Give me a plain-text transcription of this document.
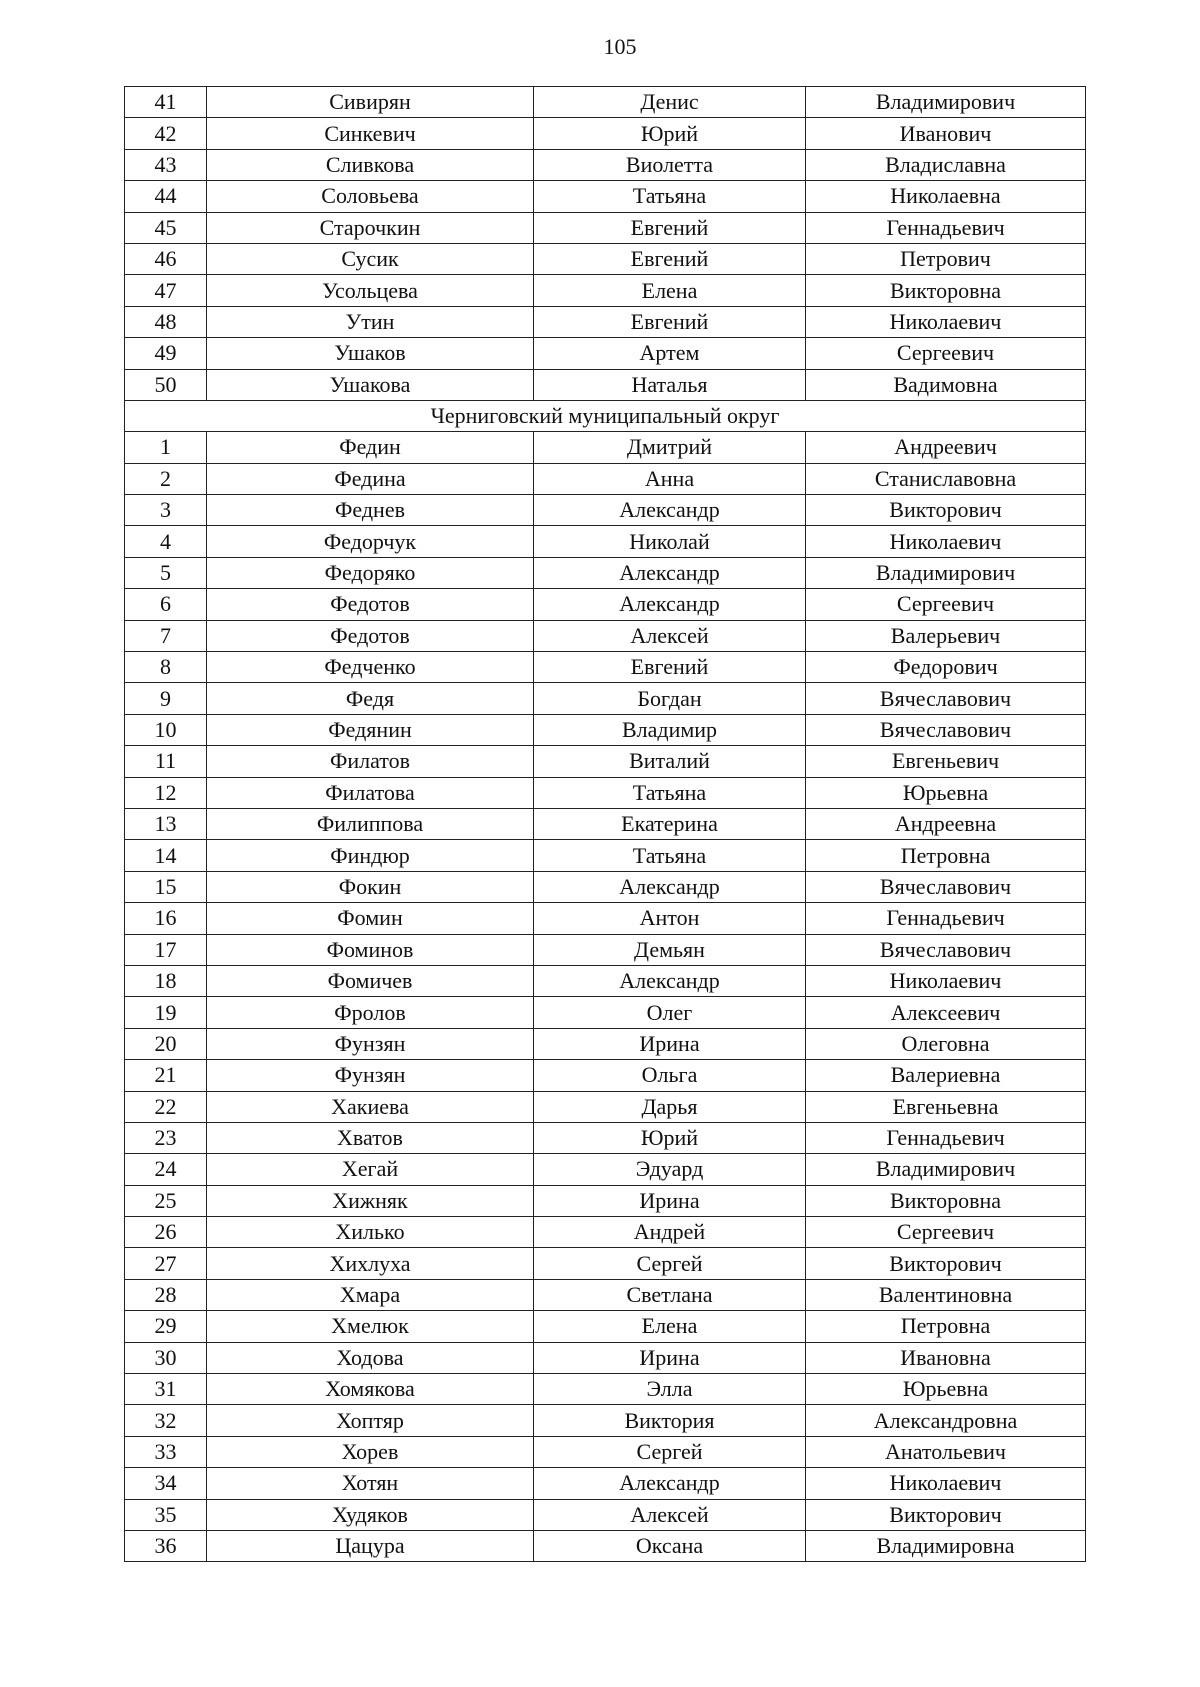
105
41	Сивирян	Денис	Владимирович
42	Синкевич	Юрий	Иванович
43	Сливкова	Виолетта	Владиславна
44	Соловьева	Татьяна	Николаевна
45	Старочкин	Евгений	Геннадьевич
46	Сусик	Евгений	Петрович
47	Усольцева	Елена	Викторовна
48	Утин	Евгений	Николаевич
49	Ушаков	Артем	Сергеевич
50	Ушакова	Наталья	Вадимовна
Черниговский муниципальный округ			
1	Федин	Дмитрий	Андреевич
2	Федина	Анна	Станиславовна
3	Феднев	Александр	Викторович
4	Федорчук	Николай	Николаевич
5	Федоряко	Александр	Владимирович
6	Федотов	Александр	Сергеевич
7	Федотов	Алексей	Валерьевич
8	Федченко	Евгений	Федорович
9	Федя	Богдан	Вячеславович
10	Федянин	Владимир	Вячеславович
11	Филатов	Виталий	Евгеньевич
12	Филатова	Татьяна	Юрьевна
13	Филиппова	Екатерина	Андреевна
14	Финдюр	Татьяна	Петровна
15	Фокин	Александр	Вячеславович
16	Фомин	Антон	Геннадьевич
17	Фоминов	Демьян	Вячеславович
18	Фомичев	Александр	Николаевич
19	Фролов	Олег	Алексеевич
20	Фунзян	Ирина	Олеговна
21	Фунзян	Ольга	Валериевна
22	Хакиева	Дарья	Евгеньевна
23	Хватов	Юрий	Геннадьевич
24	Хегай	Эдуард	Владимирович
25	Хижняк	Ирина	Викторовна
26	Хилько	Андрей	Сергеевич
27	Хихлуха	Сергей	Викторович
28	Хмара	Светлана	Валентиновна
29	Хмелюк	Елена	Петровна
30	Ходова	Ирина	Ивановна
31	Хомякова	Элла	Юрьевна
32	Хоптяр	Виктория	Александровна
33	Хорев	Сергей	Анатольевич
34	Хотян	Александр	Николаевич
35	Худяков	Алексей	Викторович
36	Цацура	Оксана	Владимировна
